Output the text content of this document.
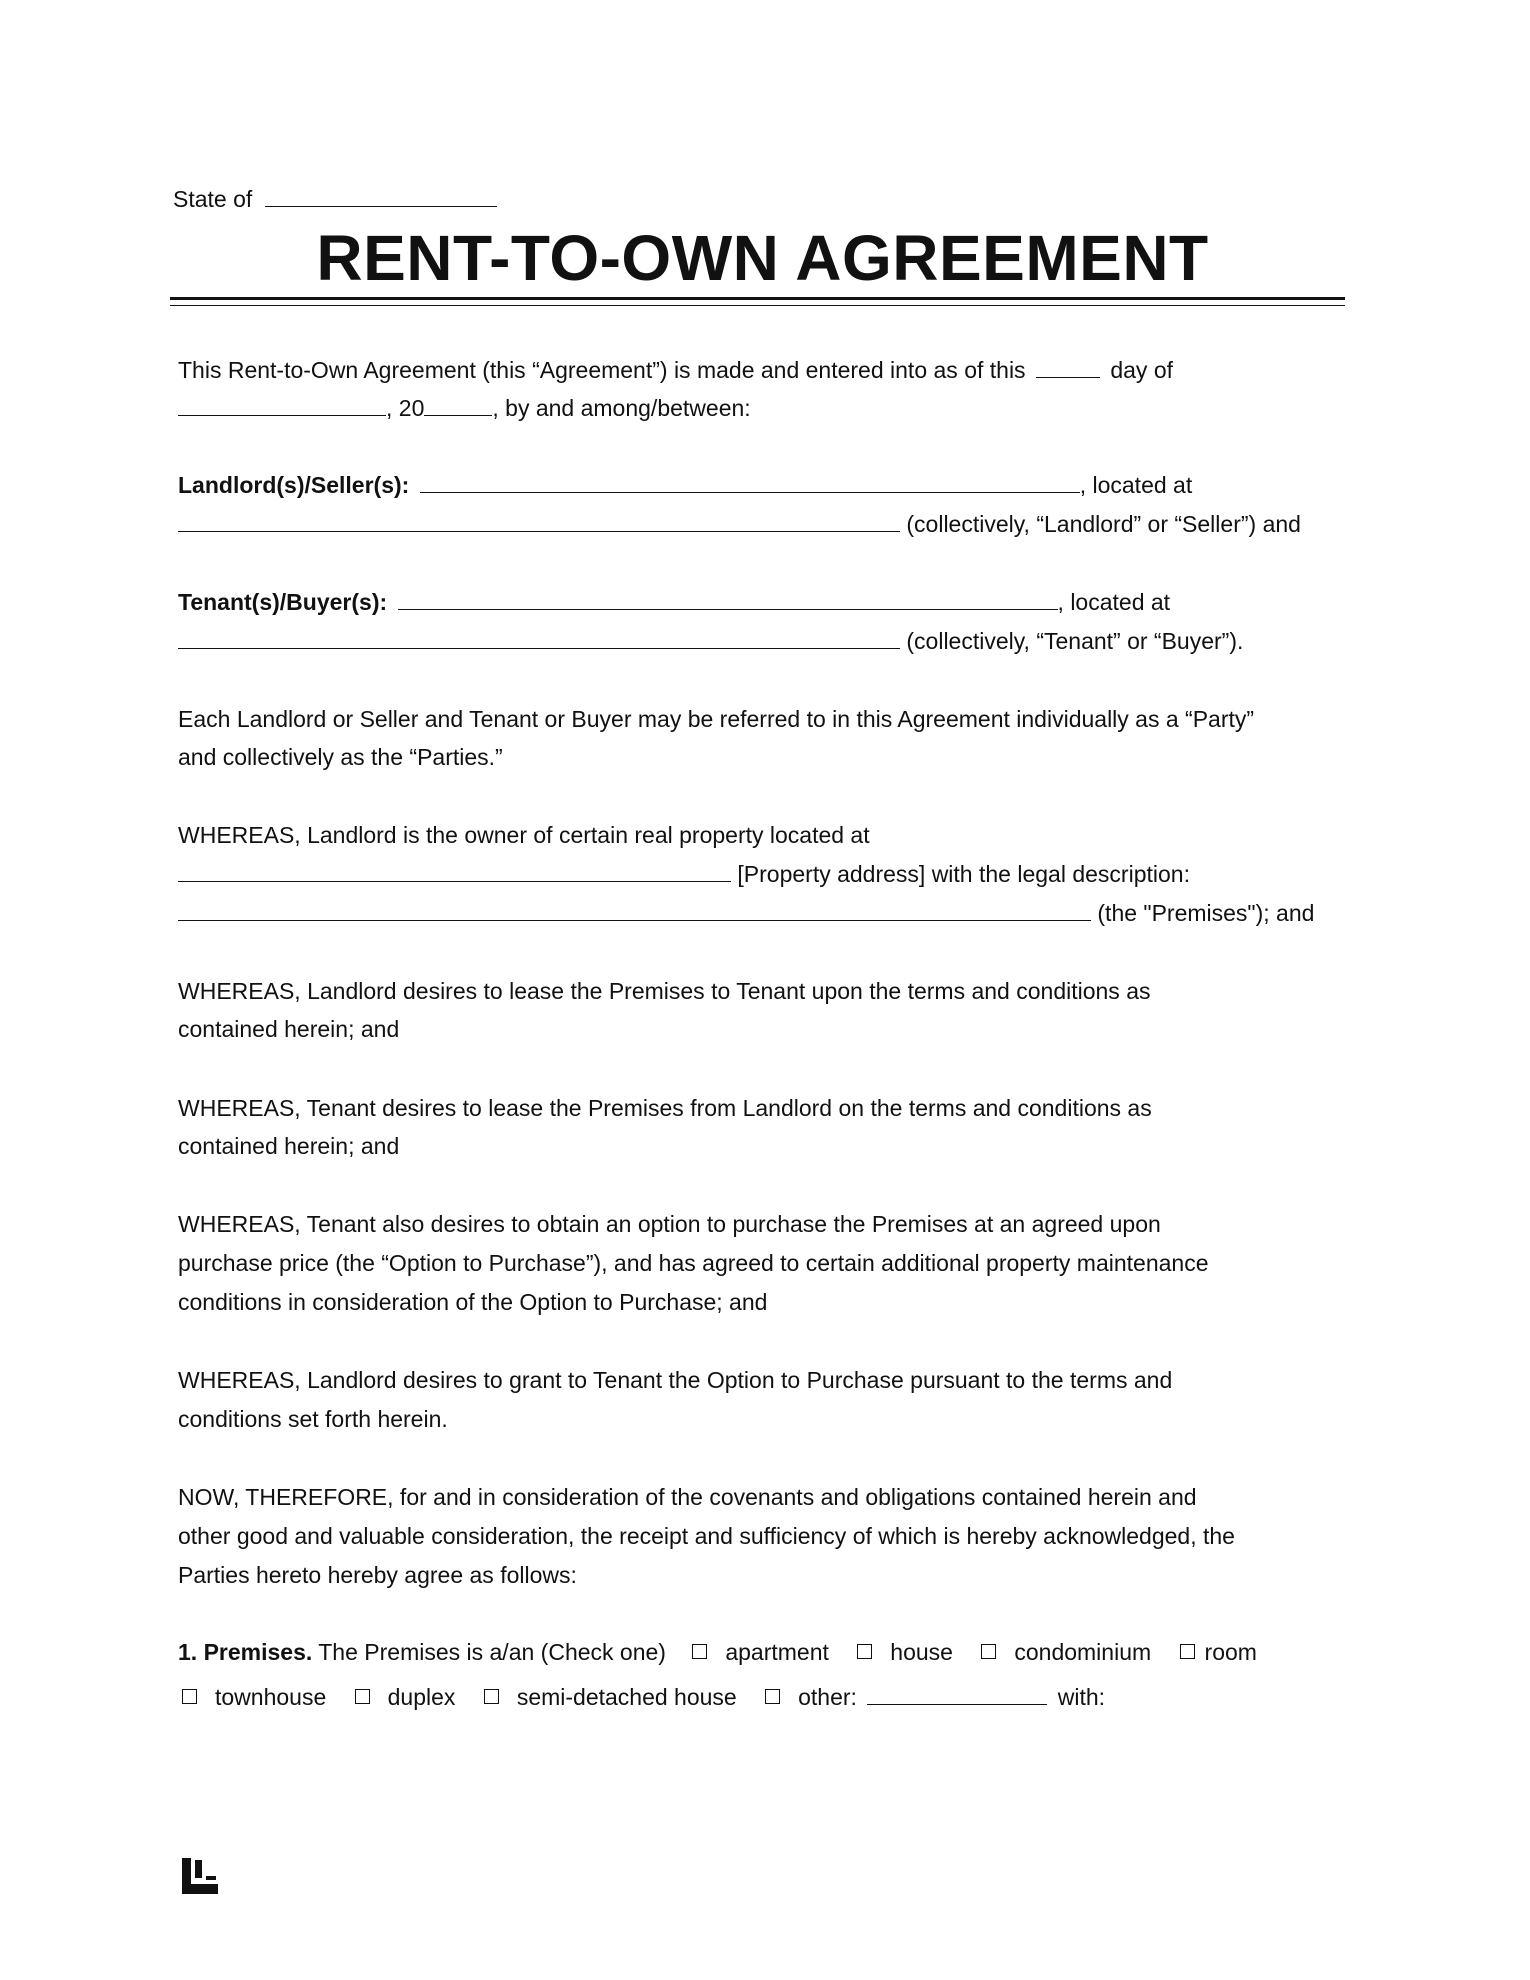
State of
RENT-TO-OWN AGREEMENT
This Rent-to-Own Agreement (this “Agreement”) is made and entered into as of this	day of
, 20	, by and among/between:
Landlord(s)/Seller(s):	, located at
(collectively, “Landlord” or “Seller”) and
Tenant(s)/Buyer(s):	, located at
(collectively, “Tenant” or “Buyer”).
Each Landlord or Seller and Tenant or Buyer may be referred to in this Agreement individually as a “Party”
and collectively as the “Parties.”
WHEREAS, Landlord is the owner of certain real property located at
[Property address] with the legal description:
(the "Premises"); and
WHEREAS, Landlord desires to lease the Premises to Tenant upon the terms and conditions as
contained herein; and
WHEREAS, Tenant desires to lease the Premises from Landlord on the terms and conditions as
contained herein; and
WHEREAS, Tenant also desires to obtain an option to purchase the Premises at an agreed upon
purchase price (the “Option to Purchase”), and has agreed to certain additional property maintenance
conditions in consideration of the Option to Purchase; and
WHEREAS, Landlord desires to grant to Tenant the Option to Purchase pursuant to the terms and
conditions set forth herein.
NOW, THEREFORE, for and in consideration of the covenants and obligations contained herein and
other good and valuable consideration, the receipt and sufficiency of which is hereby acknowledged, the
Parties hereto hereby agree as follows:
1. Premises. The Premises is a/an (Check one)	apartment	house	condominium room
townhouse	duplex	semi-detached house	other:	with:
